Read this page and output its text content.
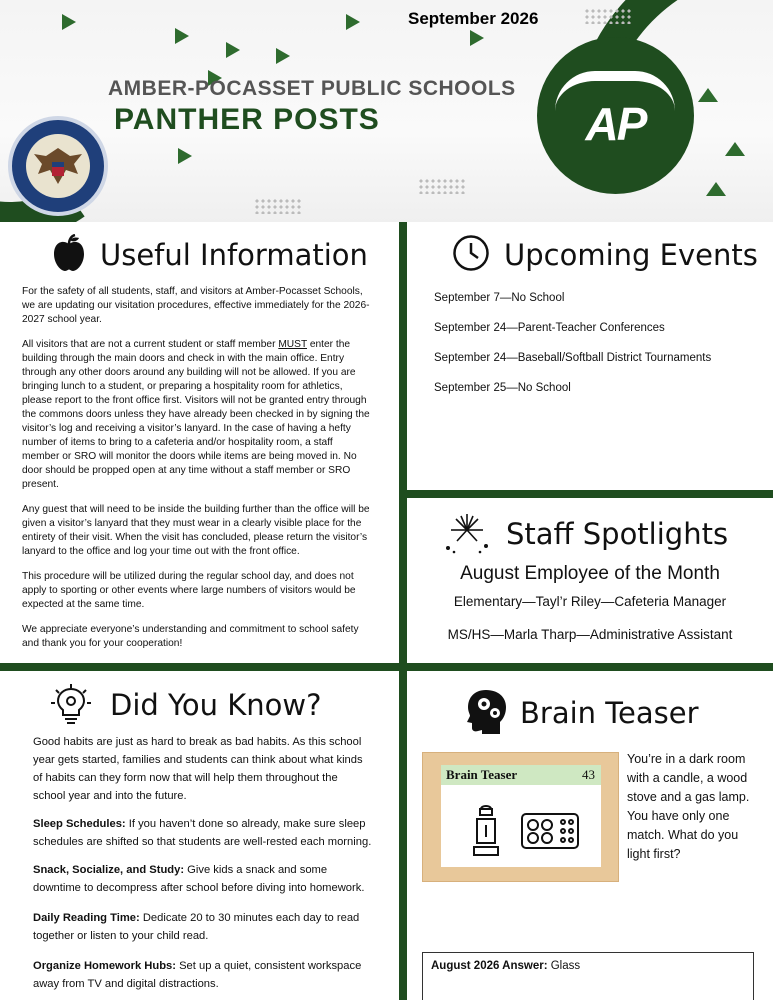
September 2026
AMBER-POCASSET PUBLIC SCHOOLS
PANTHER POSTS	AP
Useful Information

For the safety of all students, staff, and visitors at Amber-Pocasset Schools, we are updating our visitation procedures, effective immediately for the 2026-2027 school year.

All visitors that are not a current student or staff member MUST enter the building through the main doors and check in with the main office. Entry through any other doors around any building will not be allowed. If you are bringing lunch to a student, or preparing a hospitality room for athletics, please report to the front office first. Visitors will not be granted entry through the commons doors unless they have already been checked in by signing the visitor’s log and receiving a visitor’s lanyard. In the case of having a hefty number of items to bring to a cafeteria and/or hospitality room, a staff member or SRO will monitor the doors while items are being moved in. No door should be propped open at any time without a staff member or SRO present.

Any guest that will need to be inside the building further than the office will be given a visitor’s lanyard that they must wear in a clearly visible place for the entirety of their visit. When the visit has concluded, please return the visitor’s lanyard to the office and log your time out with the front office.

This procedure will be utilized during the regular school day, and does not apply to sporting or other events where large numbers of visitors would be expected at the same time.

We appreciate everyone’s understanding and commitment to school safety and thank you for your cooperation!

Upcoming Events
September 7—No School
September 24—Parent-Teacher Conferences
September 24—Baseball/Softball District Tournaments
September 25—No School
Staff Spotlights
August Employee of the Month
Elementary—Tayl’r Riley—Cafeteria Manager
MS/HS—Marla Tharp—Administrative Assistant
Did You Know?
Good habits are just as hard to break as bad habits. As this school year gets started, families and students can think about what kinds of habits can they form now that will help them throughout the school year and into the future.
Sleep Schedules: If you haven’t done so already, make sure sleep schedules are shifted so that students are well-rested each morning.
Snack, Socialize, and Study: Give kids a snack and some downtime to decompress after school before diving into homework.
Daily Reading Time: Dedicate 20 to 30 minutes each day to read together or listen to your child read.
Organize Homework Hubs: Set up a quiet, consistent workspace away from TV and digital distractions.
Brain Teaser
Brain Teaser	43
You’re in a dark room with a candle, a wood stove and a gas lamp. You have only one match. What do you light first?
August 2026 Answer: Glass
